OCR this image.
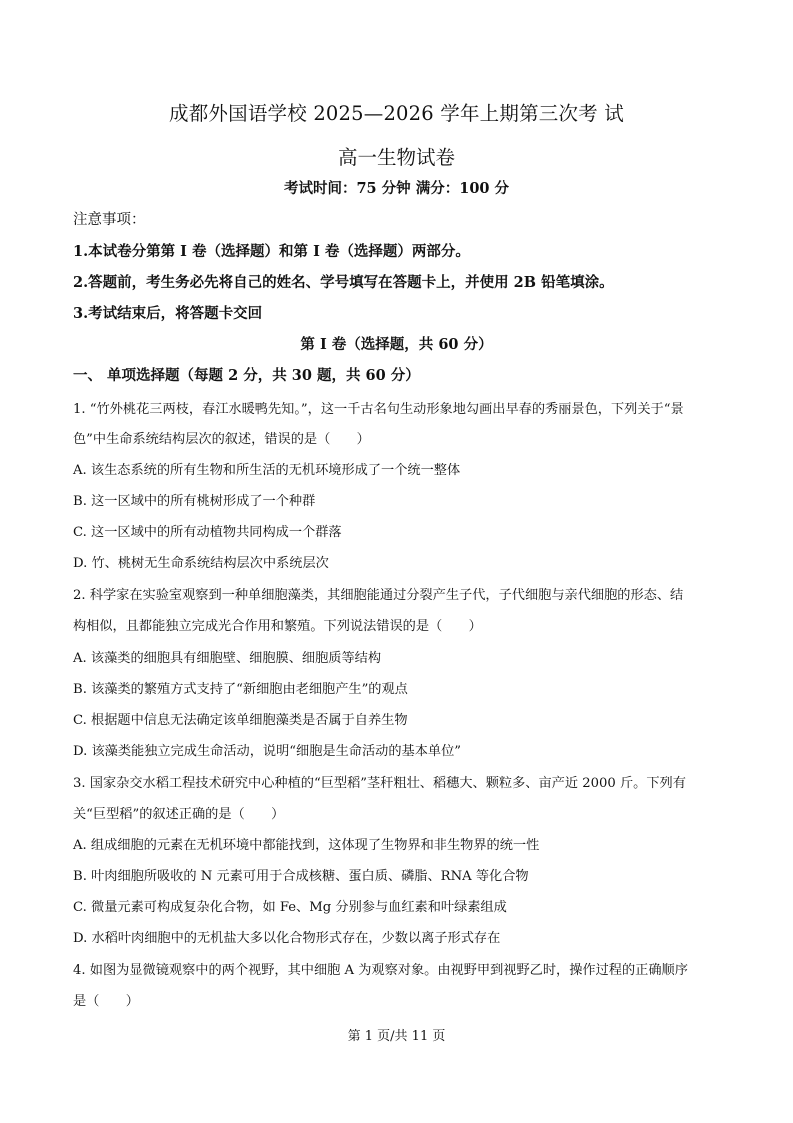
成都外国语学校 2025—2026 学年上期第三次考 试
高一生物试卷
考试时间：75 分钟 满分：100 分
注意事项：
1.本试卷分第第 I 卷（选择题）和第 I 卷（选择题）两部分。
2.答题前，考生务必先将自己的姓名、学号填写在答题卡上，并使用 2B 铅笔填涂。
3.考试结束后，将答题卡交回
第 I 卷（选择题，共 60 分）
一、 单项选择题（每题 2 分，共 30 题，共 60 分）
1. “竹外桃花三两枝，春江水暖鸭先知。”，这一千古名句生动形象地勾画出早春的秀丽景色，下列关于“景
色”中生命系统结构层次的叙述，错误的是（　　）
A. 该生态系统的所有生物和所生活的无机环境形成了一个统一整体
B. 这一区域中的所有桃树形成了一个种群
C. 这一区域中的所有动植物共同构成一个群落
D. 竹、桃树无生命系统结构层次中系统层次
2. 科学家在实验室观察到一种单细胞藻类，其细胞能通过分裂产生子代，子代细胞与亲代细胞的形态、结
构相似，且都能独立完成光合作用和繁殖。下列说法错误的是（　　）
A. 该藻类的细胞具有细胞壁、细胞膜、细胞质等结构
B. 该藻类的繁殖方式支持了“新细胞由老细胞产生”的观点
C. 根据题中信息无法确定该单细胞藻类是否属于自养生物
D. 该藻类能独立完成生命活动，说明“细胞是生命活动的基本单位”
3. 国家杂交水稻工程技术研究中心种植的“巨型稻”茎秆粗壮、稻穗大、颗粒多、亩产近 2000 斤。下列有
关“巨型稻”的叙述正确的是（　　）
A. 组成细胞的元素在无机环境中都能找到，这体现了生物界和非生物界的统一性
B. 叶肉细胞所吸收的 N 元素可用于合成核糖、蛋白质、磷脂、RNA 等化合物
C. 微量元素可构成复杂化合物，如 Fe、Mg 分别参与血红素和叶绿素组成
D. 水稻叶肉细胞中的无机盐大多以化合物形式存在，少数以离子形式存在
4. 如图为显微镜观察中的两个视野，其中细胞 A 为观察对象。由视野甲到视野乙时，操作过程的正确顺序
是（　　）
第 1 页/共 11 页
